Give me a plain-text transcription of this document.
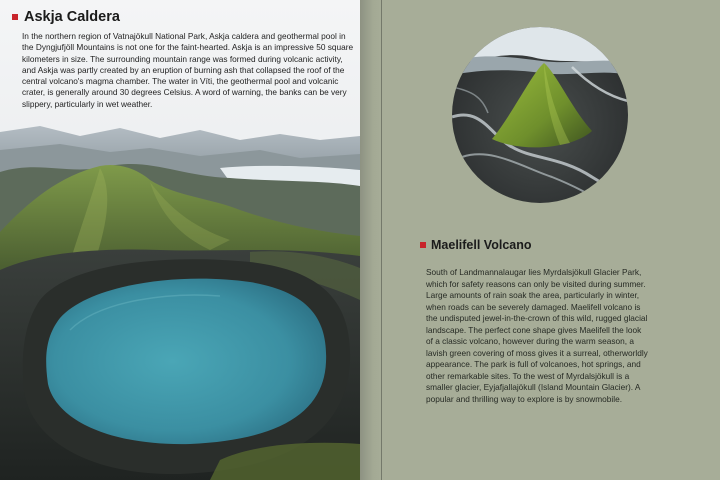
Askja Caldera

In the northern region of Vatnajökull National Park, Askja caldera and geothermal pool in the Dyngjufjöll Mountains is not one for the faint-hearted. Askja is an impressive 50 square kilometers in size. The surrounding mountain range was formed during volcanic activity, and Askja was partly created by an eruption of burning ash that collapsed the roof of the central volcano's magma chamber. The water in Víti, the geothermal pool and volcanic crater, is generally around 30 degrees Celsius. A word of warning, the banks can be very slippery, particularly in wet weather.

Maelifell Volcano

South of Landmannalaugar lies Myrdalsjökull Glacier Park, which for safety reasons can only be visited during summer. Large amounts of rain soak the area, particularly in winter, when roads can be severely damaged. Maelifell volcano is the undisputed jewel-in-the-crown of this wild, rugged glacial landscape. The perfect cone shape gives Maelifell the look of a classic volcano, however during the warm season, a lavish green covering of moss gives it a surreal, otherworldly appearance. The park is full of volcanoes, hot springs, and other remarkable sites. To the west of Myrdalsjökull is a smaller glacier, Eyjafjallajökull (Island Mountain Glacier). A popular and thrilling way to explore is by snowmobile.
